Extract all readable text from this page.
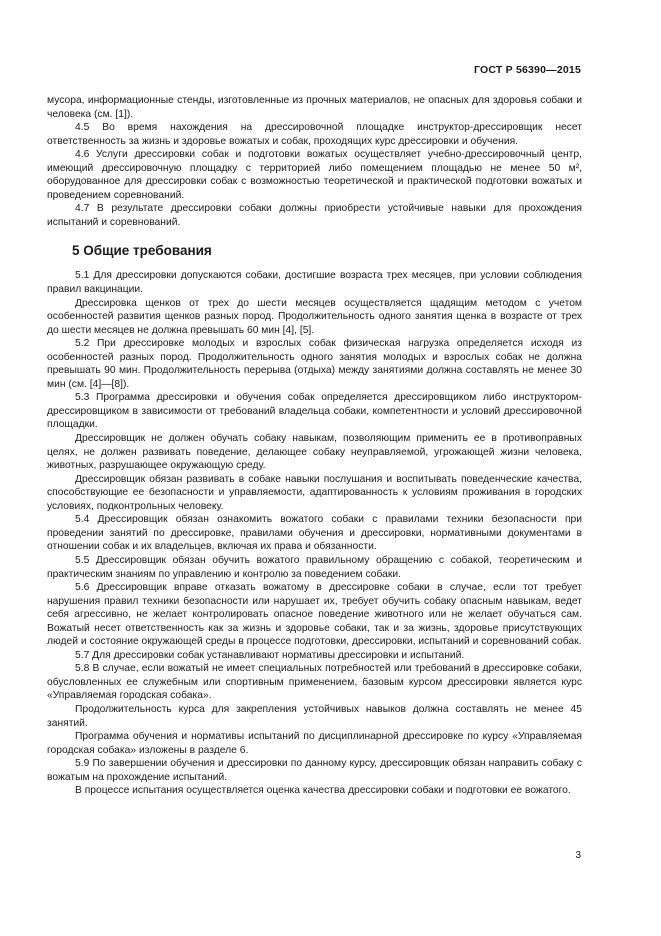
ГОСТ Р 56390—2015

мусора, информационные стенды, изготовленные из прочных материалов, не опасных для здоровья собаки и человека (см. [1]).

4.5 Во время нахождения на дрессировочной площадке инструктор-дрессировщик несет ответственность за жизнь и здоровье вожатых и собак, проходящих курс дрессировки и обучения.

4.6 Услуги дрессировки собак и подготовки вожатых осуществляет учебно-дрессировочный центр, имеющий дрессировочную площадку с территорией либо помещением площадью не менее 50 м², оборудованное для дрессировки собак с возможностью теоретической и практической подготовки вожатых и проведением соревнований.

4.7 В результате дрессировки собаки должны приобрести устойчивые навыки для прохождения испытаний и соревнований.

5 Общие требования

5.1 Для дрессировки допускаются собаки, достигшие возраста трех месяцев, при условии соблюдения правил вакцинации.

Дрессировка щенков от трех до шести месяцев осуществляется щадящим методом с учетом особенностей развития щенков разных пород. Продолжительность одного занятия щенка в возрасте от трех до шести месяцев не должна превышать 60 мин [4], [5].

5.2 При дрессировке молодых и взрослых собак физическая нагрузка определяется исходя из особенностей разных пород. Продолжительность одного занятия молодых и взрослых собак не должна превышать 90 мин. Продолжительность перерыва (отдыха) между занятиями должна составлять не менее 30 мин (см. [4]—[8]).

5.3 Программа дрессировки и обучения собак определяется дрессировщиком либо инструктором-дрессировщиком в зависимости от требований владельца собаки, компетентности и условий дрессировочной площадки.

Дрессировщик не должен обучать собаку навыкам, позволяющим применить ее в противоправных целях, не должен развивать поведение, делающее собаку неуправляемой, угрожающей жизни человека, животных, разрушающее окружающую среду.

Дрессировщик обязан развивать в собаке навыки послушания и воспитывать поведенческие качества, способствующие ее безопасности и управляемости, адаптированность к условиям проживания в городских условиях, подконтрольных человеку.

5.4 Дрессировщик обязан ознакомить вожатого собаки с правилами техники безопасности при проведении занятий по дрессировке, правилами обучения и дрессировки, нормативными документами в отношении собак и их владельцев, включая их права и обязанности.

5.5 Дрессировщик обязан обучить вожатого правильному обращению с собакой, теоретическим и практическим знаниям по управлению и контролю за поведением собаки.

5.6 Дрессировщик вправе отказать вожатому в дрессировке собаки в случае, если тот требует нарушения правил техники безопасности или нарушает их, требует обучить собаку опасным навыкам, ведет себя агрессивно, не желает контролировать опасное поведение животного или не желает обучаться сам. Вожатый несет ответственность как за жизнь и здоровье собаки, так и за жизнь, здоровье присутствующих людей и состояние окружающей среды в процессе подготовки, дрессировки, испытаний и соревнований собак.

5.7 Для дрессировки собак устанавливают нормативы дрессировки и испытаний.

5.8 В случае, если вожатый не имеет специальных потребностей или требований в дрессировке собаки, обусловленных ее служебным или спортивным применением, базовым курсом дрессировки является курс «Управляемая городская собака».

Продолжительность курса для закрепления устойчивых навыков должна составлять не менее 45 занятий.

Программа обучения и нормативы испытаний по дисциплинарной дрессировке по курсу «Управляемая городская собака» изложены в разделе 6.

5.9 По завершении обучения и дрессировки по данному курсу, дрессировщик обязан направить собаку с вожатым на прохождение испытаний.

В процессе испытания осуществляется оценка качества дрессировки собаки и подготовки ее вожатого.

3
